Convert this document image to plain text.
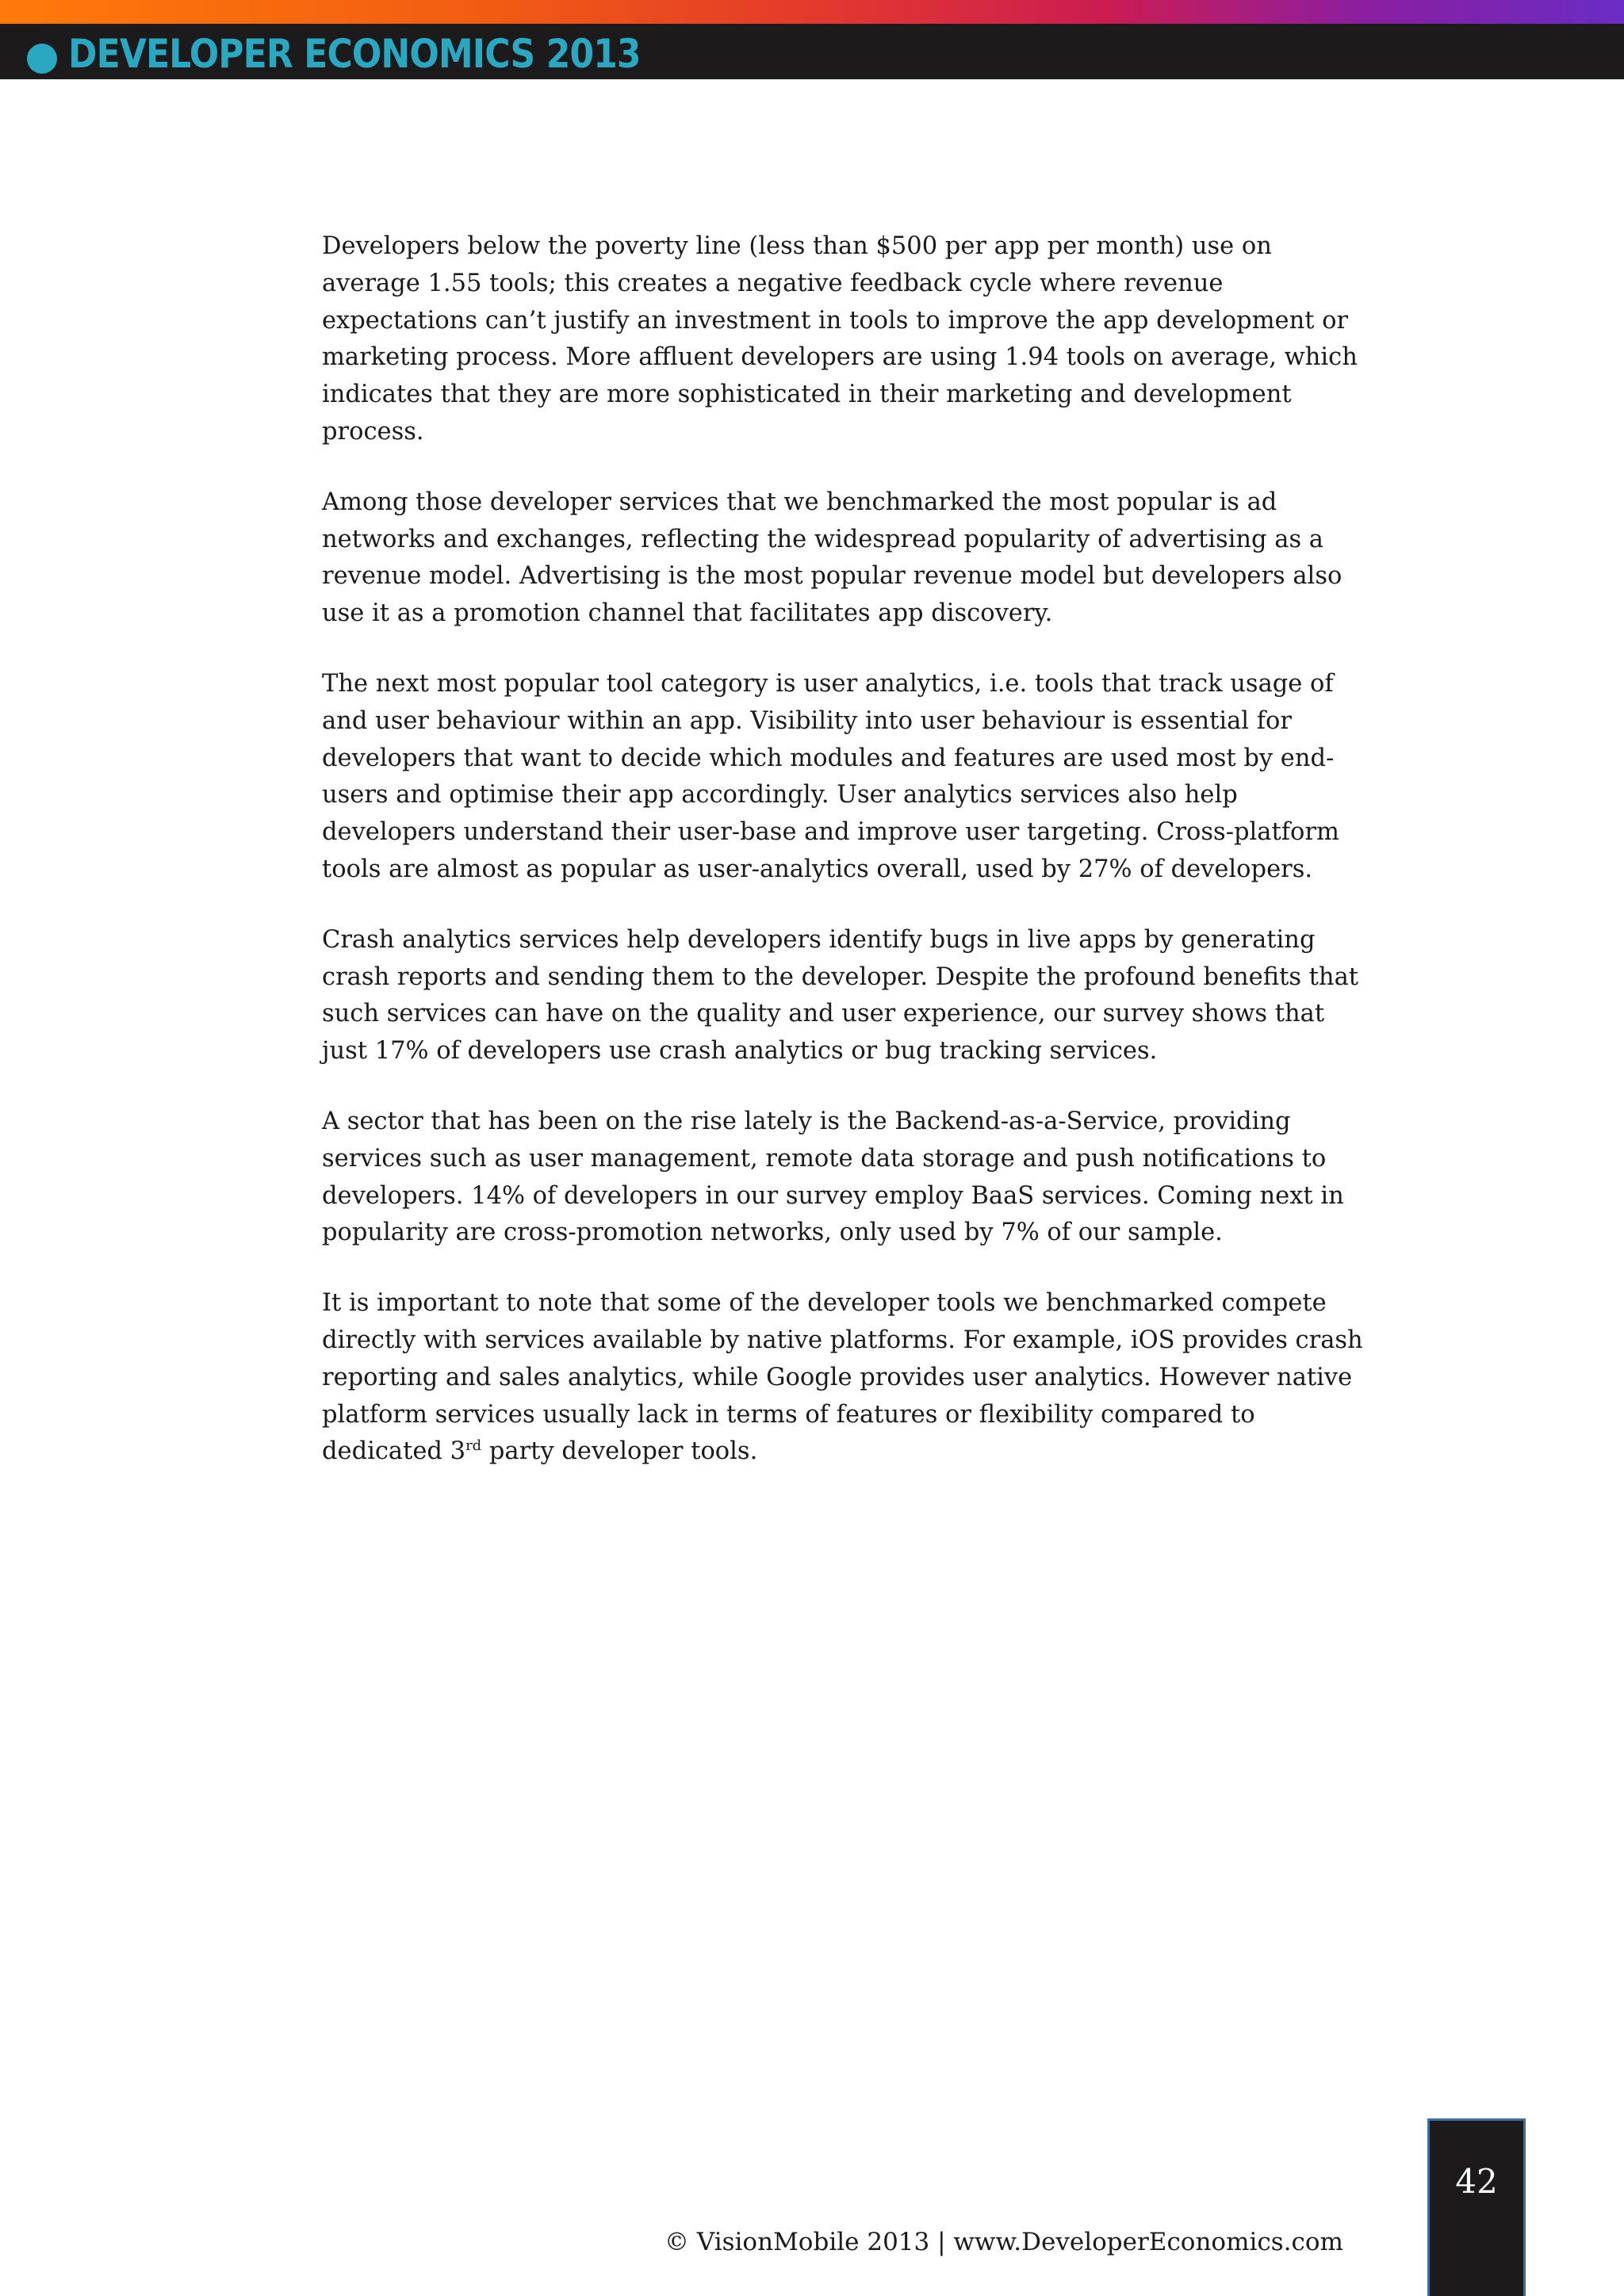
DEVELOPER ECONOMICS 2013

Developers below the poverty line (less than $500 per app per month) use on average 1.55 tools; this creates a negative feedback cycle where revenue expectations can’t justify an investment in tools to improve the app development or marketing process. More affluent developers are using 1.94 tools on average, which indicates that they are more sophisticated in their marketing and development process.

Among those developer services that we benchmarked the most popular is ad networks and exchanges, reflecting the widespread popularity of advertising as a revenue model. Advertising is the most popular revenue model but developers also use it as a promotion channel that facilitates app discovery.

The next most popular tool category is user analytics, i.e. tools that track usage of and user behaviour within an app. Visibility into user behaviour is essential for developers that want to decide which modules and features are used most by end-users and optimise their app accordingly. User analytics services also help developers understand their user-base and improve user targeting. Cross-platform tools are almost as popular as user-analytics overall, used by 27% of developers.

Crash analytics services help developers identify bugs in live apps by generating crash reports and sending them to the developer. Despite the profound benefits that such services can have on the quality and user experience, our survey shows that just 17% of developers use crash analytics or bug tracking services.

A sector that has been on the rise lately is the Backend-as-a-Service, providing services such as user management, remote data storage and push notifications to developers. 14% of developers in our survey employ BaaS services. Coming next in popularity are cross-promotion networks, only used by 7% of our sample.

It is important to note that some of the developer tools we benchmarked compete directly with services available by native platforms. For example, iOS provides crash reporting and sales analytics, while Google provides user analytics. However native platform services usually lack in terms of features or flexibility compared to dedicated 3rd party developer tools.

© VisionMobile 2013 | www.DeveloperEconomics.com
42
